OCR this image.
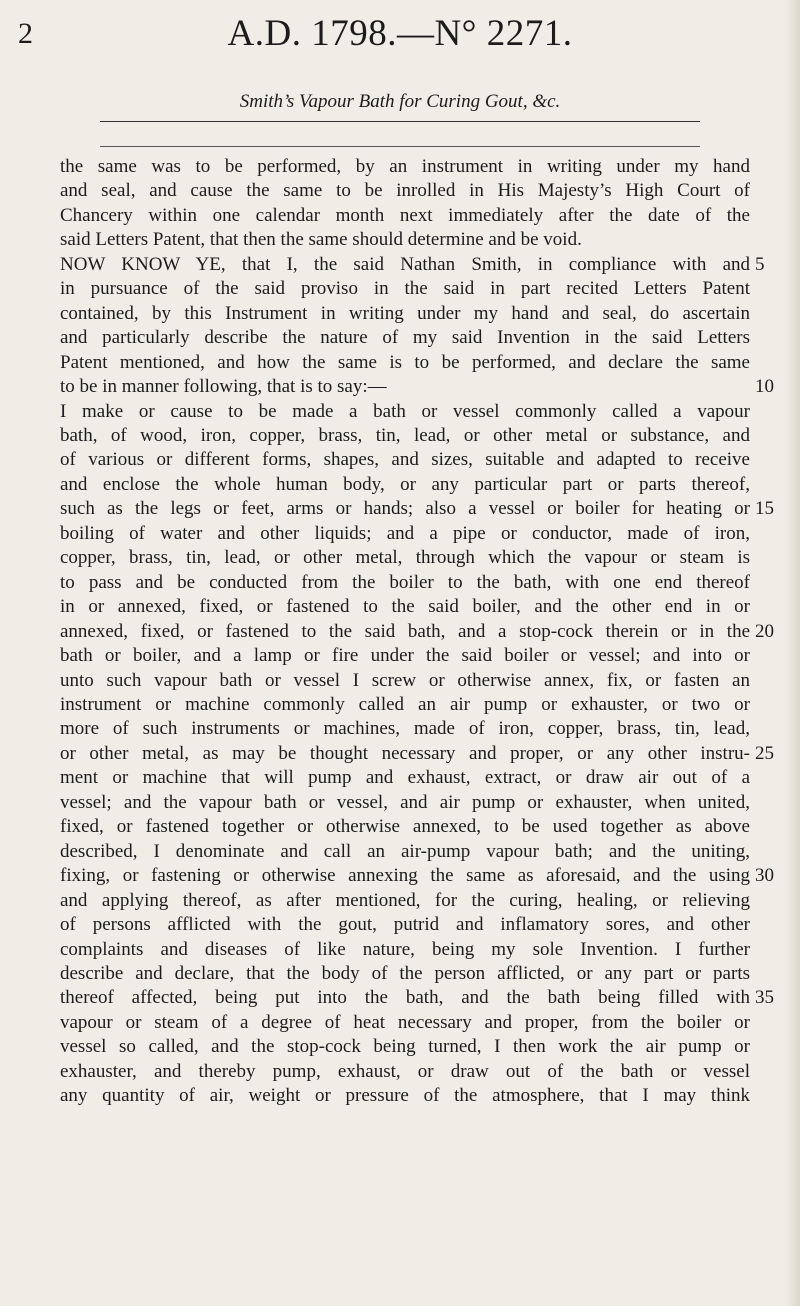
2	A.D. 1798.—N° 2271.
Smith’s Vapour Bath for Curing Gout, &c.
the same was to be performed, by an instrument in writing under my hand
and seal, and cause the same to be inrolled in His Majesty’s High Court of
Chancery within one calendar month next immediately after the date of the
said Letters Patent, that then the same should determine and be void.
NOW KNOW YE, that I, the said Nathan Smith, in compliance with and
in pursuance of the said proviso in the said in part recited Letters Patent
contained, by this Instrument in writing under my hand and seal, do ascertain
and particularly describe the nature of my said Invention in the said Letters
Patent mentioned, and how the same is to be performed, and declare the same
to be in manner following, that is to say:—
I make or cause to be made a bath or vessel commonly called a vapour
bath, of wood, iron, copper, brass, tin, lead, or other metal or substance, and
of various or different forms, shapes, and sizes, suitable and adapted to receive
and enclose the whole human body, or any particular part or parts thereof,
such as the legs or feet, arms or hands; also a vessel or boiler for heating or
boiling of water and other liquids; and a pipe or conductor, made of iron,
copper, brass, tin, lead, or other metal, through which the vapour or steam is
to pass and be conducted from the boiler to the bath, with one end thereof
in or annexed, fixed, or fastened to the said boiler, and the other end in or
annexed, fixed, or fastened to the said bath, and a stop-cock therein or in the
bath or boiler, and a lamp or fire under the said boiler or vessel; and into or
unto such vapour bath or vessel I screw or otherwise annex, fix, or fasten an
instrument or machine commonly called an air pump or exhauster, or two or
more of such instruments or machines, made of iron, copper, brass, tin, lead,
or other metal, as may be thought necessary and proper, or any other instru-
ment or machine that will pump and exhaust, extract, or draw air out of a
vessel; and the vapour bath or vessel, and air pump or exhauster, when united,
fixed, or fastened together or otherwise annexed, to be used together as above
described, I denominate and call an air-pump vapour bath; and the uniting,
fixing, or fastening or otherwise annexing the same as aforesaid, and the using
and applying thereof, as after mentioned, for the curing, healing, or relieving
of persons afflicted with the gout, putrid and inflamatory sores, and other
complaints and diseases of like nature, being my sole Invention. I further
describe and declare, that the body of the person afflicted, or any part or parts
thereof affected, being put into the bath, and the bath being filled with
vapour or steam of a degree of heat necessary and proper, from the boiler or
vessel so called, and the stop-cock being turned, I then work the air pump or
exhauster, and thereby pump, exhaust, or draw out of the bath or vessel
any quantity of air, weight or pressure of the atmosphere, that I may think
5
10
15
20
25
30
35
